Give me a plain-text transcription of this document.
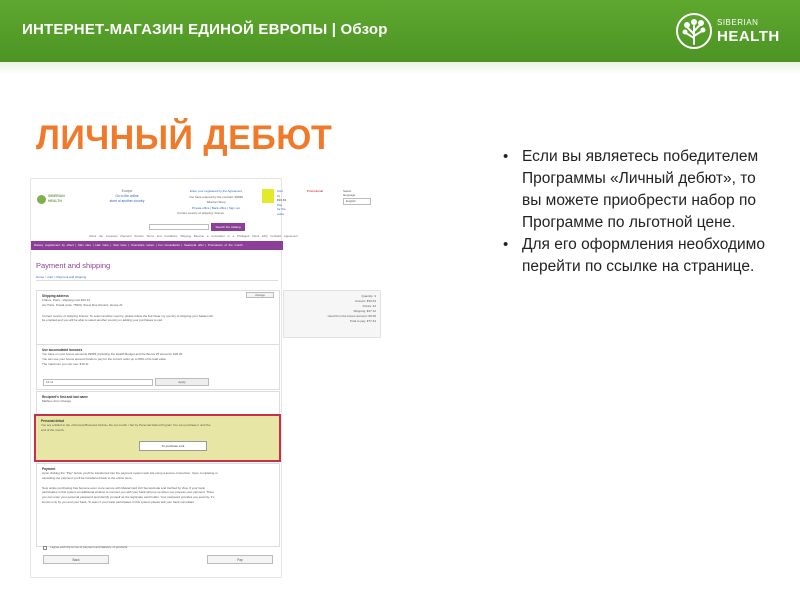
ИНТЕРНЕТ-МАГАЗИН ЕДИНОЙ ЕВРОПЫ | Обзор	SIBERIAN
HEALTH
ЛИЧНЫЙ ДЕБЮТ
•	Если вы являетесь победителем Программы «Личный дебют», то вы можете приобрести набор по Программе по льготной цене.
• Для его оформления необходимо перейти по ссылке на странице.
SIBERIAN
HEALTH
Europe
Go to the online
store of another country
Enter your registered by the Agreement
You have entered by the contract: 99999
Siberian Shop
Private office | Back office | Sign out
Cart
3 | €36.63
Pay for the order
Promotional
Current country of shipping: France
Select language
English
Search the catalog
About the Company Payment Service Terms and Conditions Shipping Become a Consultant or a Privileged Client FAQ Contacts Agreement
Dietary supplement by effect | Skin care | Hair Care | Oral Care | Cosmetics series | For Consultants | Seasonal offer | Promotions of the month
Payment and shipping
Home > Cart > Payment and shipping
Shipping address
France, Paris - shipping cost €23.12
city Paris, Postal code: 75000, Street Rue Rossini, House 21
Current country of shipping France. To select another country, please follow the link Clear my country of shipping your basket will
be emptied and you will be able to select another country on adding your purchases to cart.
change	Quantity: 3
Amount: €36.63
Points: 42
Shipping: €27.12
Used from the bonus account: €0.00
Total to pay: €77.44
Use accumulated bonuses
You have on your bonus accounts 99999 (including the Health Budget and the Bonus 25 account): €26.00
You can use your bonus account funds to pay for the current order up to 80% of its total value
The maximum you can use: €16.11
16.11	Apply
Recipient's first and last name
Mathieu Arno Change
Personal debut
You are entitled to the «Personal Business Debut» the set month • Set by Personal Debut Program You can purchase it until the
end of the month.
To purchase a kit
Payment
Upon clicking the "Pay" button you'll be transferred into the payment system web site using a secure connection. Upon completing or
cancelling the payment you'll be transferred back to the online store.
Now online purchasing has become even more secure with MasterCard 3-D SecureCode and Verified by Visa. If your bank
participates in this system an additional window to connect you with your bank will pop up when you process your payment. There
you can enter your personal password and identify yourself as the legitimate card holder. Your password provides you security: it's
known only by you and your bank. To learn if your bank participates in this system please ask your bank consultant.
I agree with the terms of payment and delivery of products
Back	Pay
